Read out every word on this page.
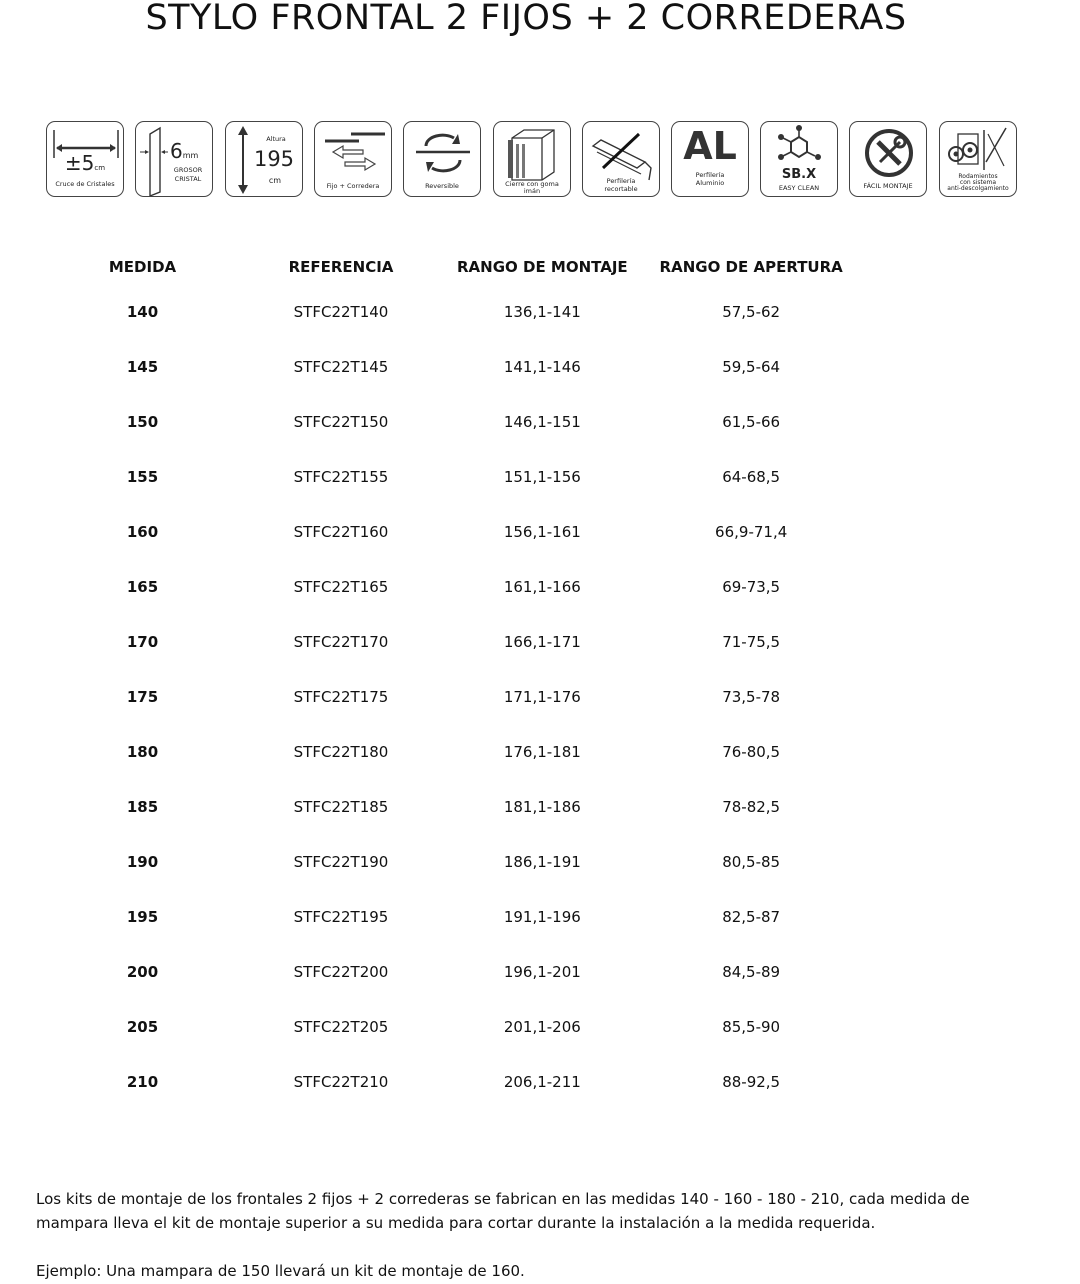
STYLO FRONTAL 2 FIJOS + 2 CORREDERAS
±5cm
Cruce de Cristales
6mm
GROSOR
CRISTAL
Altura
195
cm
Fijo + Corredera	Reversible	Cierre con goma
imán
Perfilería
recortable
AL
Perfilería
Aluminio
SB.X
EASY CLEAN	FÁCIL MONTAJE
Rodamientos
con sistema
anti-descolgamiento
MEDIDA	REFERENCIA	RANGO DE MONTAJE	RANGO DE APERTURA
140	STFC22T140	136,1-141	57,5-62
145	STFC22T145	141,1-146	59,5-64
150	STFC22T150	146,1-151	61,5-66
155	STFC22T155	151,1-156	64-68,5
160	STFC22T160	156,1-161	66,9-71,4
165	STFC22T165	161,1-166	69-73,5
170	STFC22T170	166,1-171	71-75,5
175	STFC22T175	171,1-176	73,5-78
180	STFC22T180	176,1-181	76-80,5
185	STFC22T185	181,1-186	78-82,5
190	STFC22T190	186,1-191	80,5-85
195	STFC22T195	191,1-196	82,5-87
200	STFC22T200	196,1-201	84,5-89
205	STFC22T205	201,1-206	85,5-90
210	STFC22T210	206,1-211	88-92,5

Los kits de montaje de los frontales 2 fijos + 2 correderas se fabrican en las medidas 140 - 160 - 180 - 210, cada medida de mampara lleva el kit de montaje superior a su medida para cortar durante la instalación a la medida requerida.

Ejemplo: Una mampara de 150 llevará un kit de montaje de 160.
